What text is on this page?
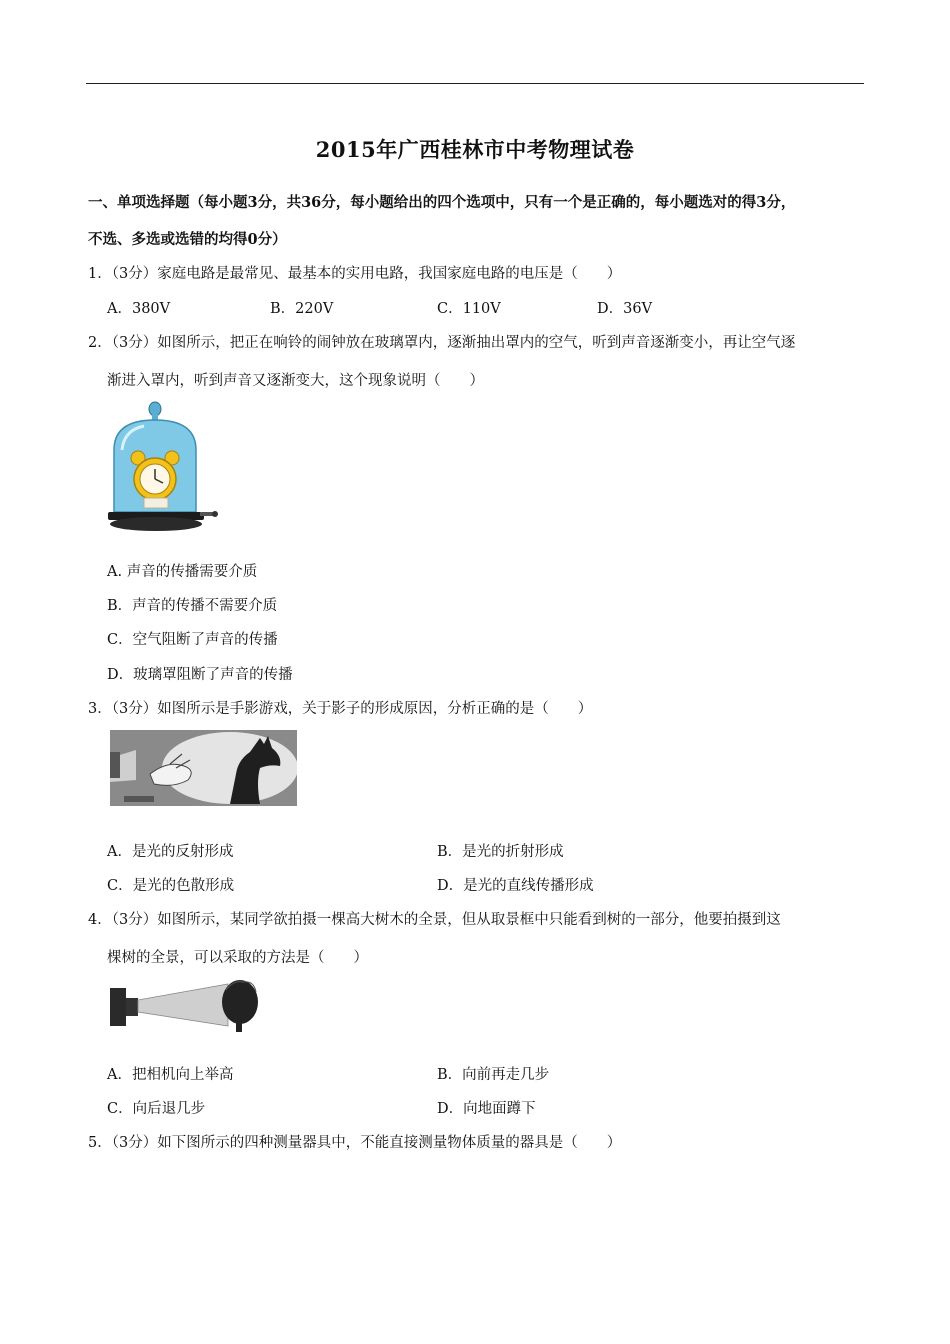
2015年广西桂林市中考物理试卷
一、单项选择题（每小题3分，共36分，每小题给出的四个选项中，只有一个是正确的，每小题选对的得3分，
不选、多选或选错的均得0分）
1．（3分）家庭电路是最常见、最基本的实用电路，我国家庭电路的电压是（　　）
A．380V	B．220V	C．110V	D．36V
2．（3分）如图所示，把正在响铃的闹钟放在玻璃罩内，逐渐抽出罩内的空气，听到声音逐渐变小，再让空气逐
渐进入罩内，听到声音又逐渐变大，这个现象说明（　　）
A. 声音的传播需要介质
B．声音的传播不需要介质
C．空气阻断了声音的传播
D．玻璃罩阻断了声音的传播
3．（3分）如图所示是手影游戏，关于影子的形成原因，分析正确的是（　　）
A．是光的反射形成	B．是光的折射形成
C．是光的色散形成	D．是光的直线传播形成
4．（3分）如图所示，某同学欲拍摄一棵高大树木的全景，但从取景框中只能看到树的一部分，他要拍摄到这
棵树的全景，可以采取的方法是（　　）
A．把相机向上举高	B．向前再走几步
C．向后退几步	D．向地面蹲下
5．（3分）如下图所示的四种测量器具中，不能直接测量物体质量的器具是（　　）
